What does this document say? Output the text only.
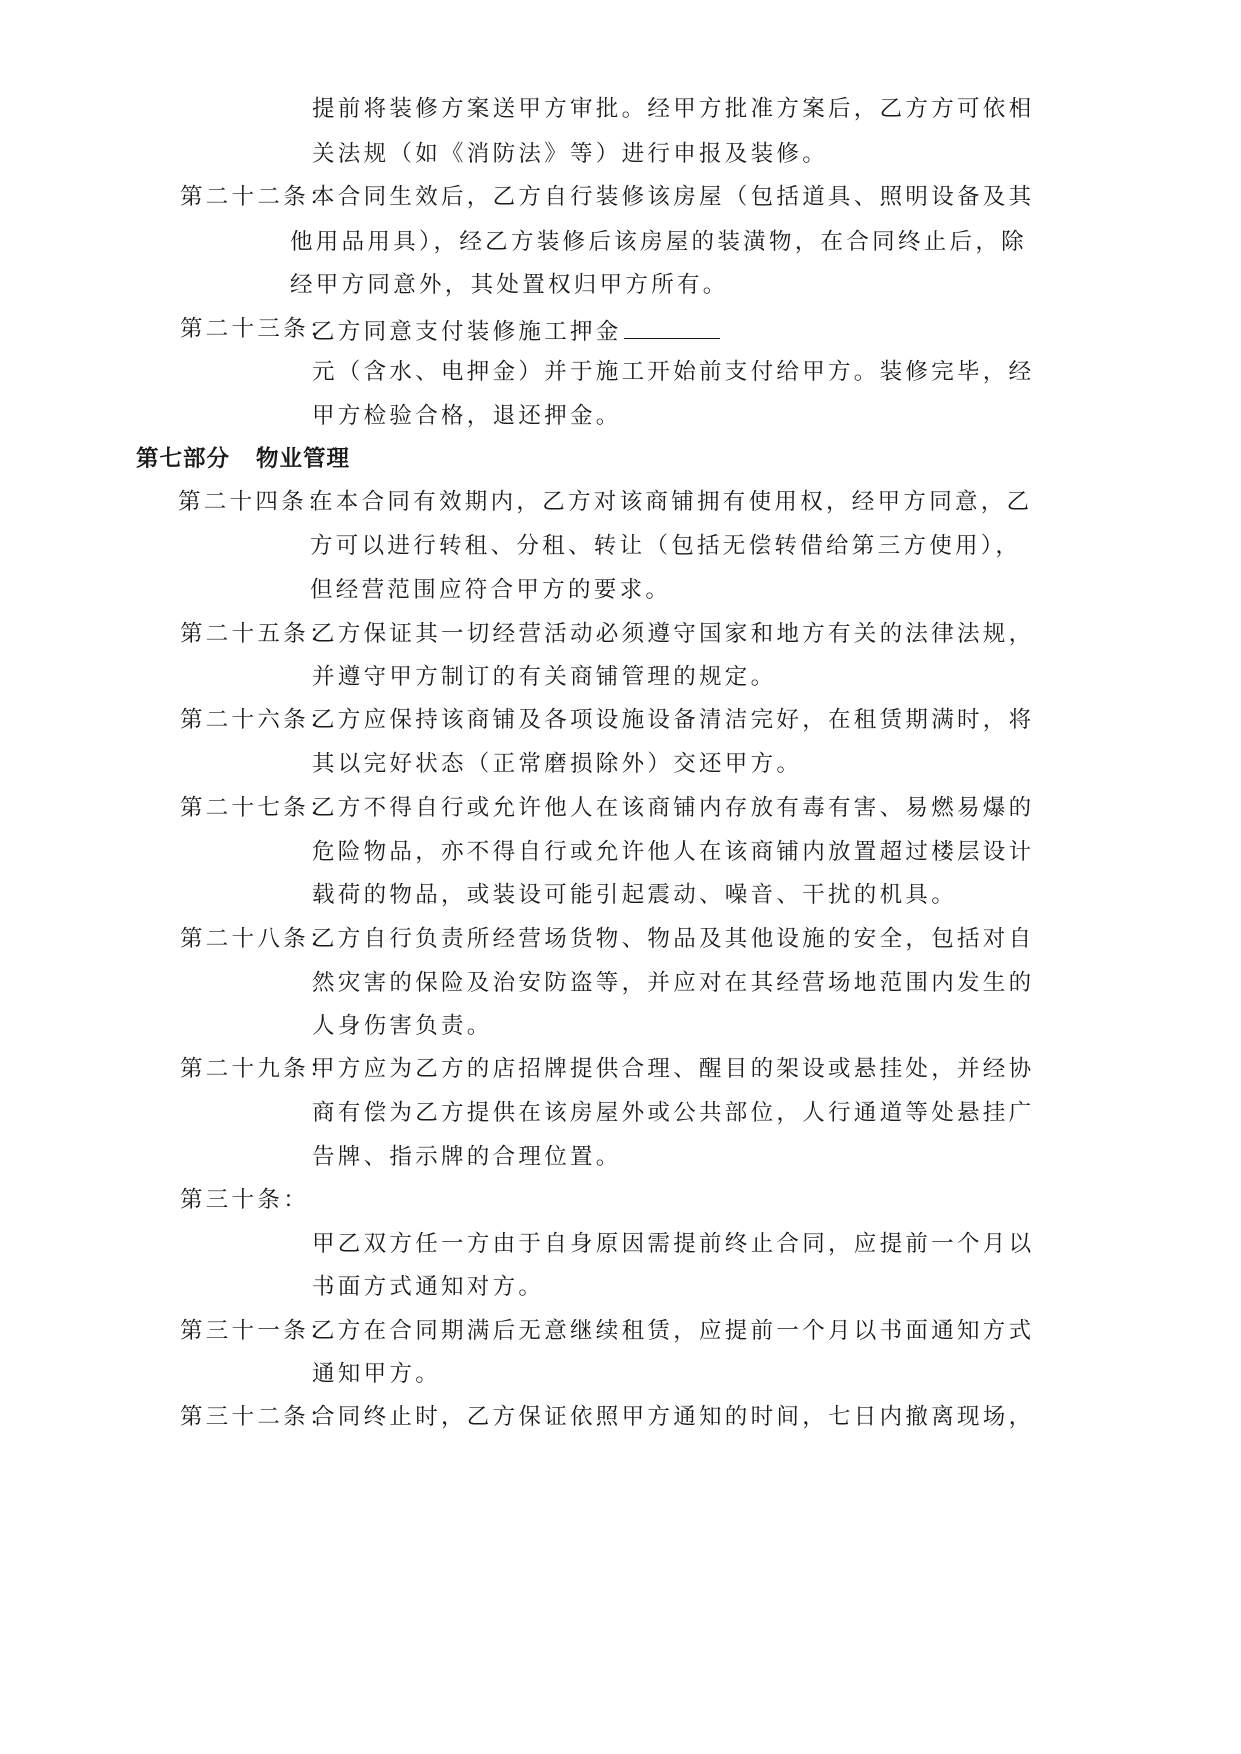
提前将装修方案送甲方审批。经甲方批准方案后，乙方方可依相
关法规（如《消防法》等）进行申报及装修。
第二十二条：
本合同生效后，乙方自行装修该房屋（包括道具、照明设备及其
他用品用具），经乙方装修后该房屋的装潢物，在合同终止后，除
经甲方同意外，其处置权归甲方所有。
第二十三条：
乙方同意支付装修施工押金
元（含水、电押金）并于施工开始前支付给甲方。装修完毕，经
甲方检验合格，退还押金。
第七部分 物业管理
第二十四条：
在本合同有效期内，乙方对该商铺拥有使用权，经甲方同意，乙
方可以进行转租、分租、转让（包括无偿转借给第三方使用），
但经营范围应符合甲方的要求。
第二十五条：
乙方保证其一切经营活动必须遵守国家和地方有关的法律法规，
并遵守甲方制订的有关商铺管理的规定。
第二十六条：
乙方应保持该商铺及各项设施设备清洁完好，在租赁期满时，将
其以完好状态（正常磨损除外）交还甲方。
第二十七条：
乙方不得自行或允许他人在该商铺内存放有毒有害、易燃易爆的
危险物品，亦不得自行或允许他人在该商铺内放置超过楼层设计
载荷的物品，或装设可能引起震动、噪音、干扰的机具。
第二十八条：
乙方自行负责所经营场货物、物品及其他设施的安全，包括对自
然灾害的保险及治安防盗等，并应对在其经营场地范围内发生的
人身伤害负责。
第二十九条：
甲方应为乙方的店招牌提供合理、醒目的架设或悬挂处，并经协
商有偿为乙方提供在该房屋外或公共部位，人行通道等处悬挂广
告牌、指示牌的合理位置。
第三十条：
甲乙双方任一方由于自身原因需提前终止合同，应提前一个月以
书面方式通知对方。
第三十一条：
乙方在合同期满后无意继续租赁，应提前一个月以书面通知方式
通知甲方。
第三十二条：
合同终止时，乙方保证依照甲方通知的时间，七日内撤离现场，
